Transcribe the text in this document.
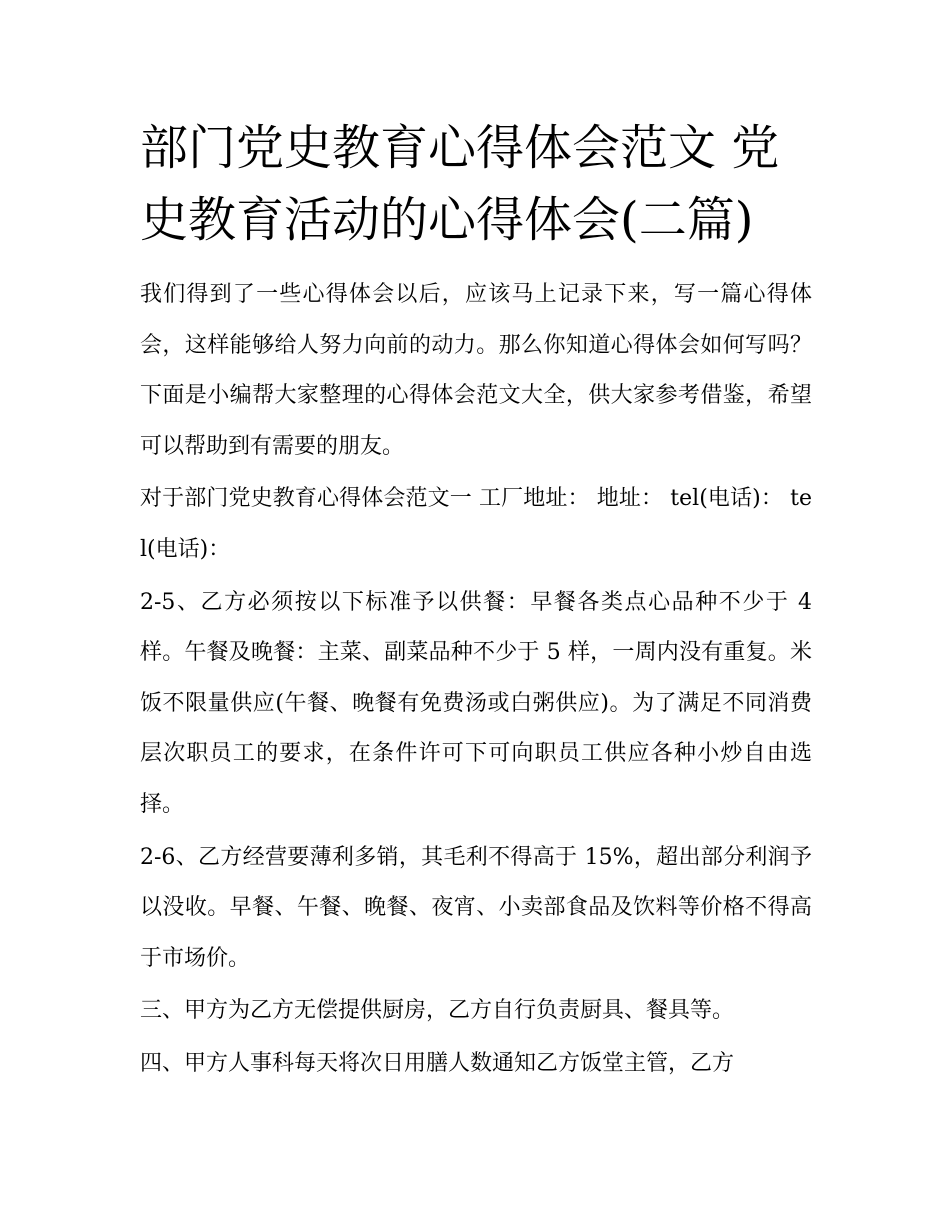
部门党史教育心得体会范文 党史教育活动的心得体会(二篇)

我们得到了一些心得体会以后，应该马上记录下来，写一篇心得体会，这样能够给人努力向前的动力。那么你知道心得体会如何写吗？下面是小编帮大家整理的心得体会范文大全，供大家参考借鉴，希望可以帮助到有需要的朋友。

对于部门党史教育心得体会范文一 工厂地址： 地址： tel(电话)： tel(电话)：

2-5、乙方必须按以下标准予以供餐：早餐各类点心品种不少于 4 样。午餐及晚餐：主菜、副菜品种不少于 5 样，一周内没有重复。米饭不限量供应(午餐、晚餐有免费汤或白粥供应)。为了满足不同消费层次职员工的要求，在条件许可下可向职员工供应各种小炒自由选择。

2-6、乙方经营要薄利多销，其毛利不得高于 15%，超出部分利润予以没收。早餐、午餐、晚餐、夜宵、小卖部食品及饮料等价格不得高于市场价。

三、甲方为乙方无偿提供厨房，乙方自行负责厨具、餐具等。

四、甲方人事科每天将次日用膳人数通知乙方饭堂主管，乙方
